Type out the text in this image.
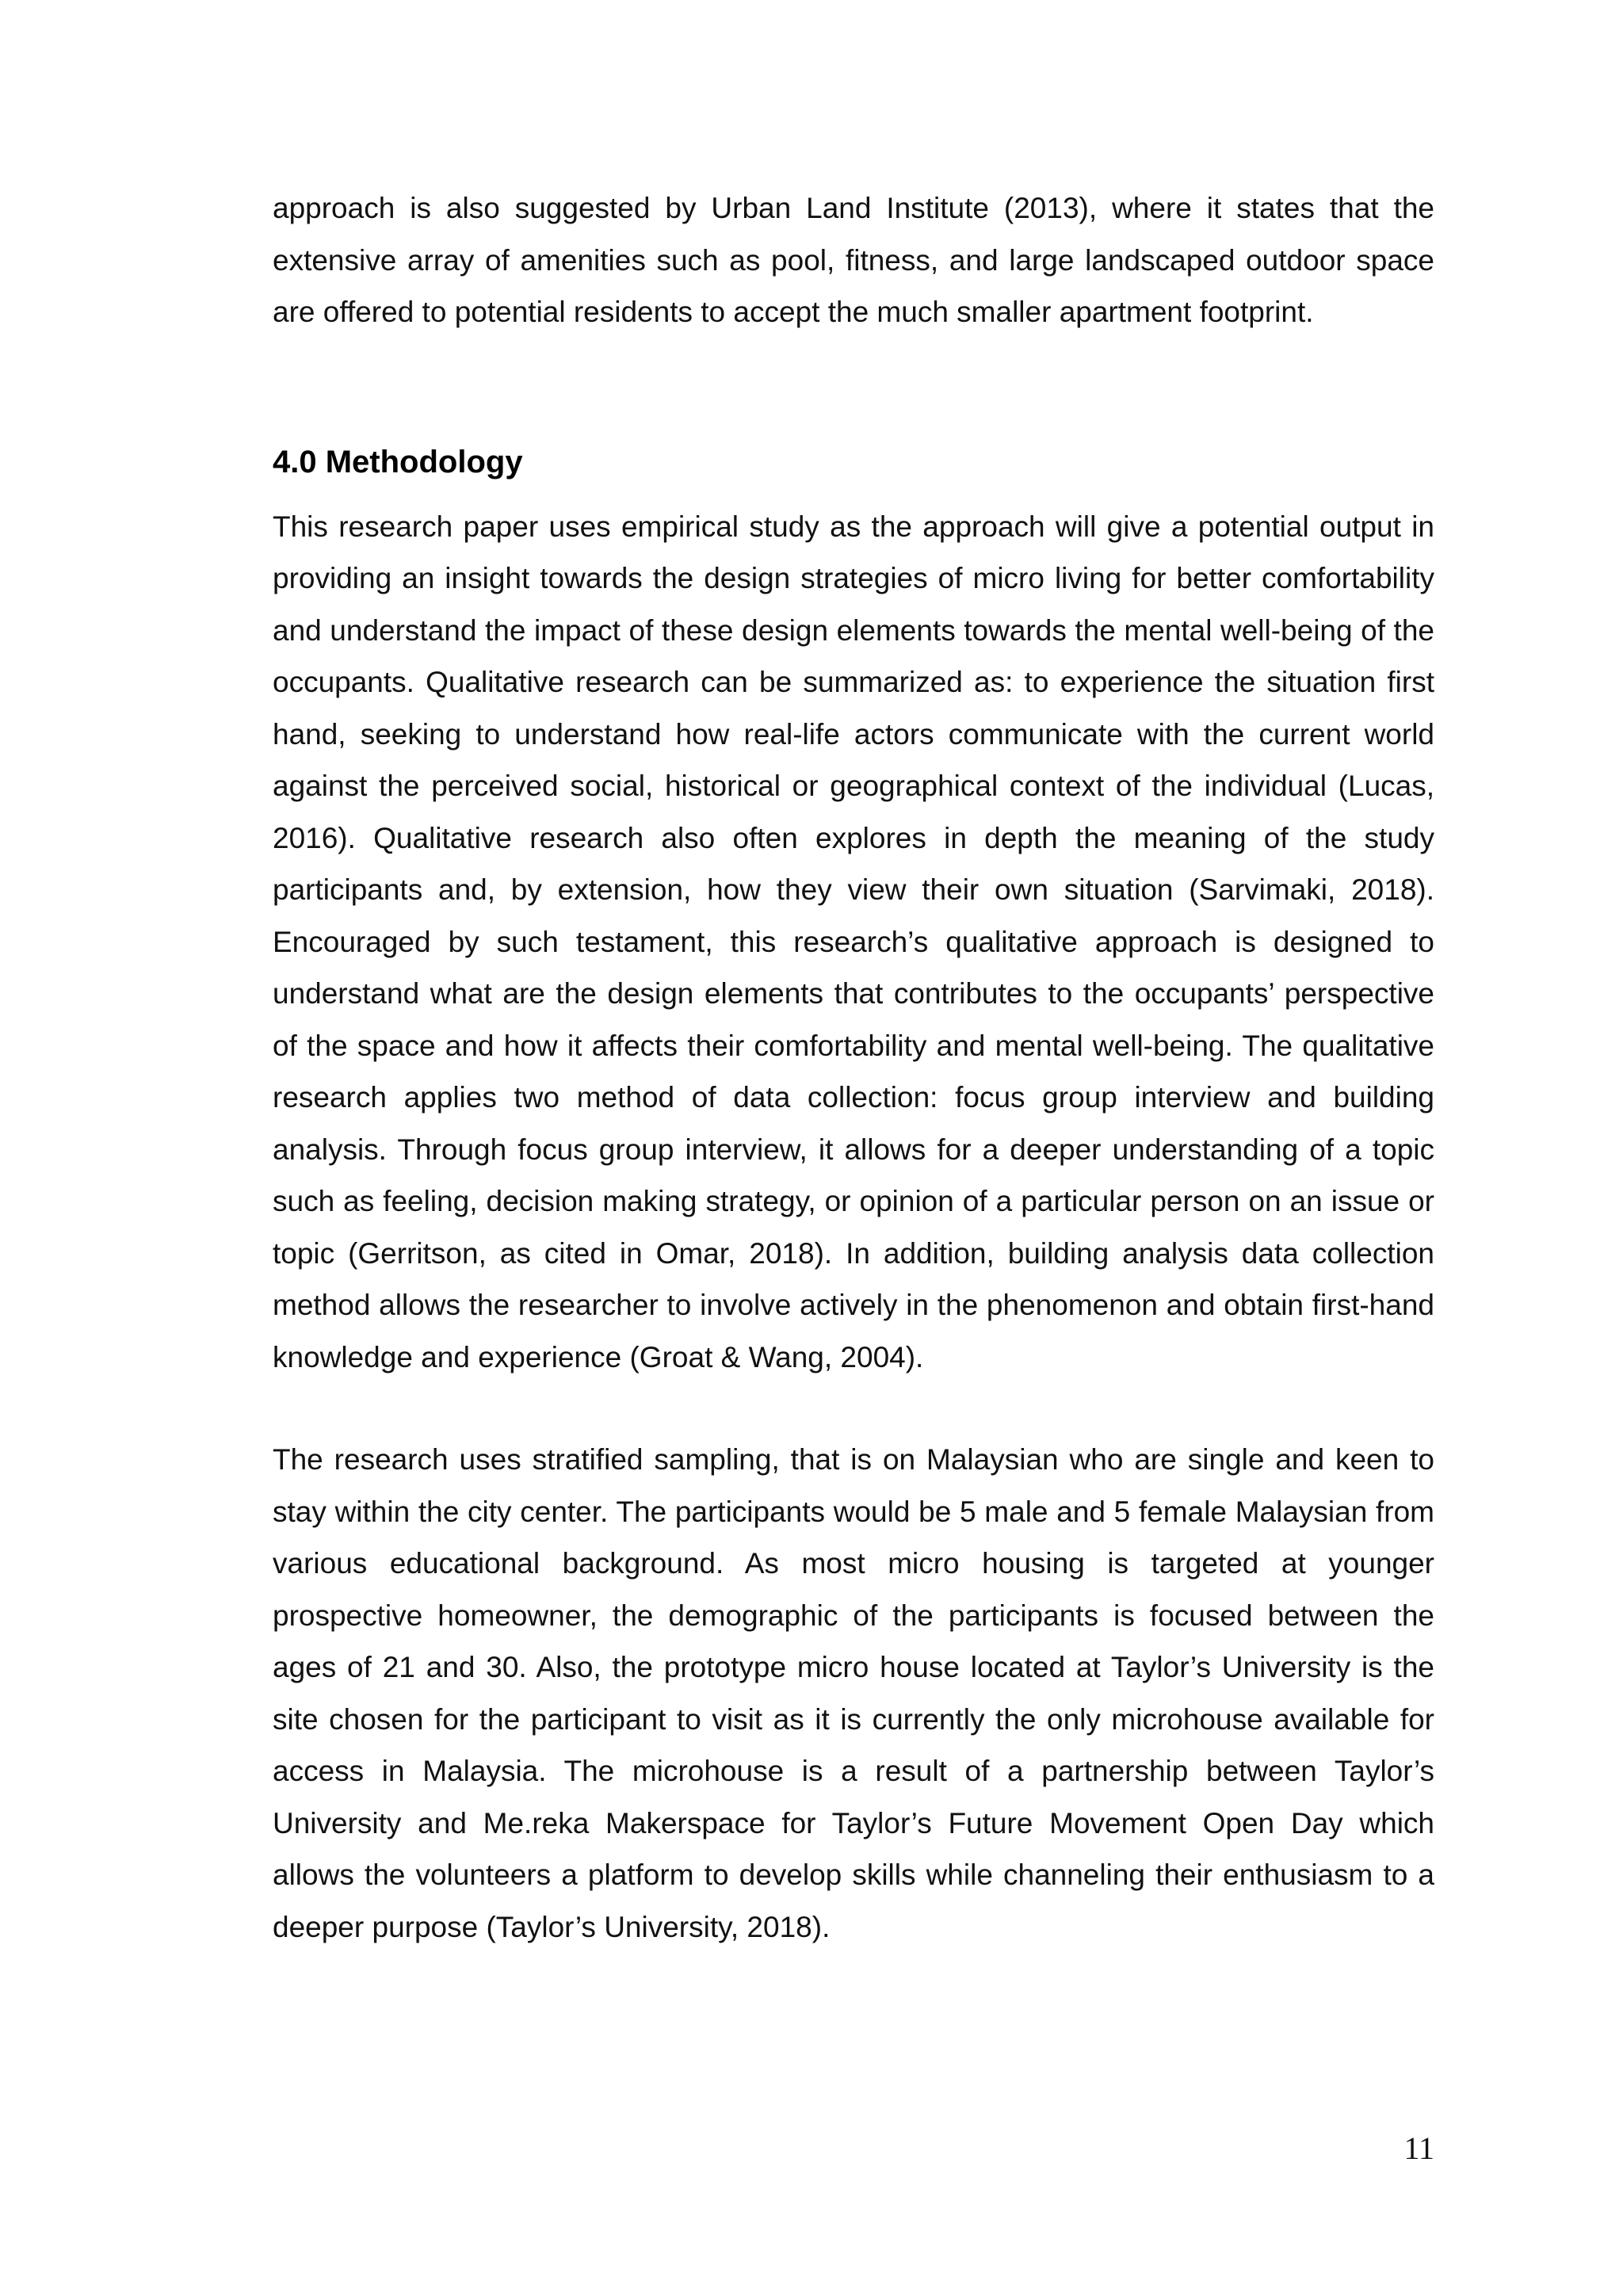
approach is also suggested by Urban Land Institute (2013), where it states that the extensive array of amenities such as pool, fitness, and large landscaped outdoor space are offered to potential residents to accept the much smaller apartment footprint.

4.0 Methodology

This research paper uses empirical study as the approach will give a potential output in providing an insight towards the design strategies of micro living for better comfortability and understand the impact of these design elements towards the mental well-being of the occupants. Qualitative research can be summarized as: to experience the situation first hand, seeking to understand how real-life actors communicate with the current world against the perceived social, historical or geographical context of the individual (Lucas, 2016). Qualitative research also often explores in depth the meaning of the study participants and, by extension, how they view their own situation (Sarvimaki, 2018). Encouraged by such testament, this research’s qualitative approach is designed to understand what are the design elements that contributes to the occupants’ perspective of the space and how it affects their comfortability and mental well-being. The qualitative research applies two method of data collection: focus group interview and building analysis. Through focus group interview, it allows for a deeper understanding of a topic such as feeling, decision making strategy, or opinion of a particular person on an issue or topic (Gerritson, as cited in Omar, 2018). In addition, building analysis data collection method allows the researcher to involve actively in the phenomenon and obtain first-hand knowledge and experience (Groat & Wang, 2004).

The research uses stratified sampling, that is on Malaysian who are single and keen to stay within the city center. The participants would be 5 male and 5 female Malaysian from various educational background. As most micro housing is targeted at younger prospective homeowner, the demographic of the participants is focused between the ages of 21 and 30. Also, the prototype micro house located at Taylor’s University is the site chosen for the participant to visit as it is currently the only microhouse available for access in Malaysia. The microhouse is a result of a partnership between Taylor’s University and Me.reka Makerspace for Taylor’s Future Movement Open Day which allows the volunteers a platform to develop skills while channeling their enthusiasm to a deeper purpose (Taylor’s University, 2018).

11
